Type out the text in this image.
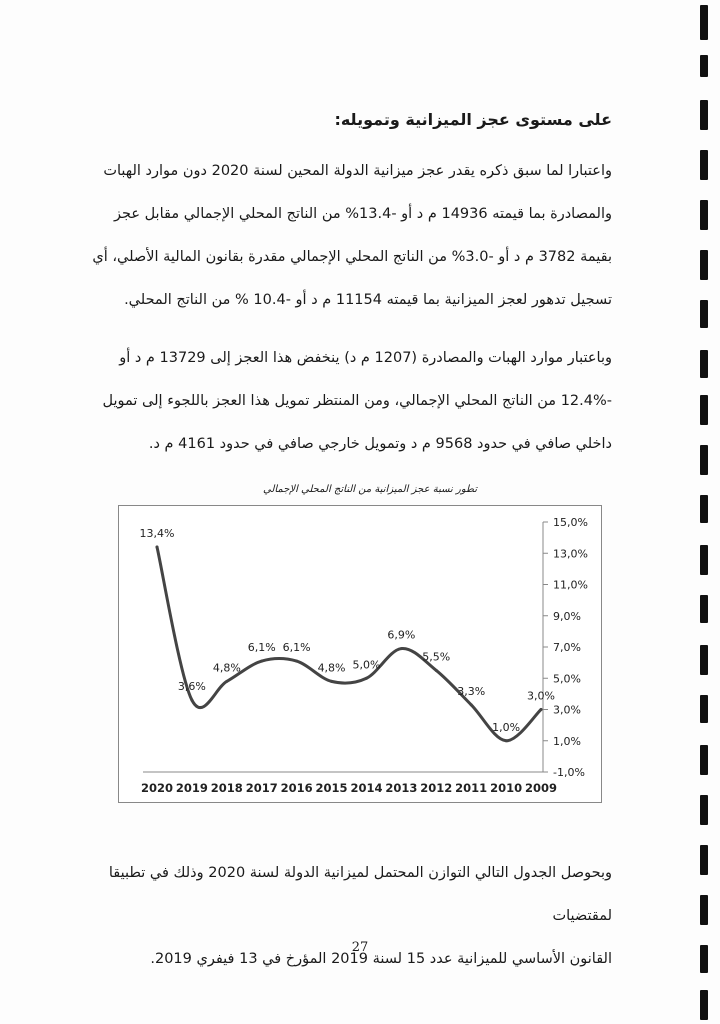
على مستوى عجز الميزانية وتمويله:

واعتبارا لما سبق ذكره يقدر عجز ميزانية الدولة المحين لسنة 2020 دون موارد الهبات

والمصادرة بما قيمته 14936 م د أو -13.4% من الناتج المحلي الإجمالي مقابل عجز

بقيمة 3782 م د أو -3.0% من الناتج المحلي الإجمالي مقدرة بقانون المالية الأصلي، أي

تسجيل تدهور لعجز الميزانية بما قيمته 11154 م د أو -10.4 % من الناتج المحلي.

وباعتبار موارد الهبات والمصادرة (1207 م د) ينخفض هذا العجز إلى 13729 م د أو

-12.4% من الناتج المحلي الإجمالي، ومن المنتظر تمويل هذا العجز باللجوء إلى تمويل

داخلي صافي في حدود 9568 م د وتمويل خارجي صافي في حدود 4161 م د.

تطور نسبة عجز الميزانية من الناتج المحلي الإجمالي
-1,0%
1,0%
3,0%
5,0%
7,0%
9,0%
11,0%
13,0%
15,0%
2020 2019 2018 2017 2016 2015 2014 2013 2012 2011 2010 2009
13,4%
3,6%
4,8%
6,1% 6,1%
4,8% 5,0%
6,9%
5,5%
3,3%
1,0%
3,0%

وبحوصل الجدول التالي التوازن المحتمل لميزانية الدولة لسنة 2020 وذلك في تطبيقا لمقتضيات

القانون الأساسي للميزانية عدد 15 لسنة 2019 المؤرخ في 13 فيفري 2019.

27
